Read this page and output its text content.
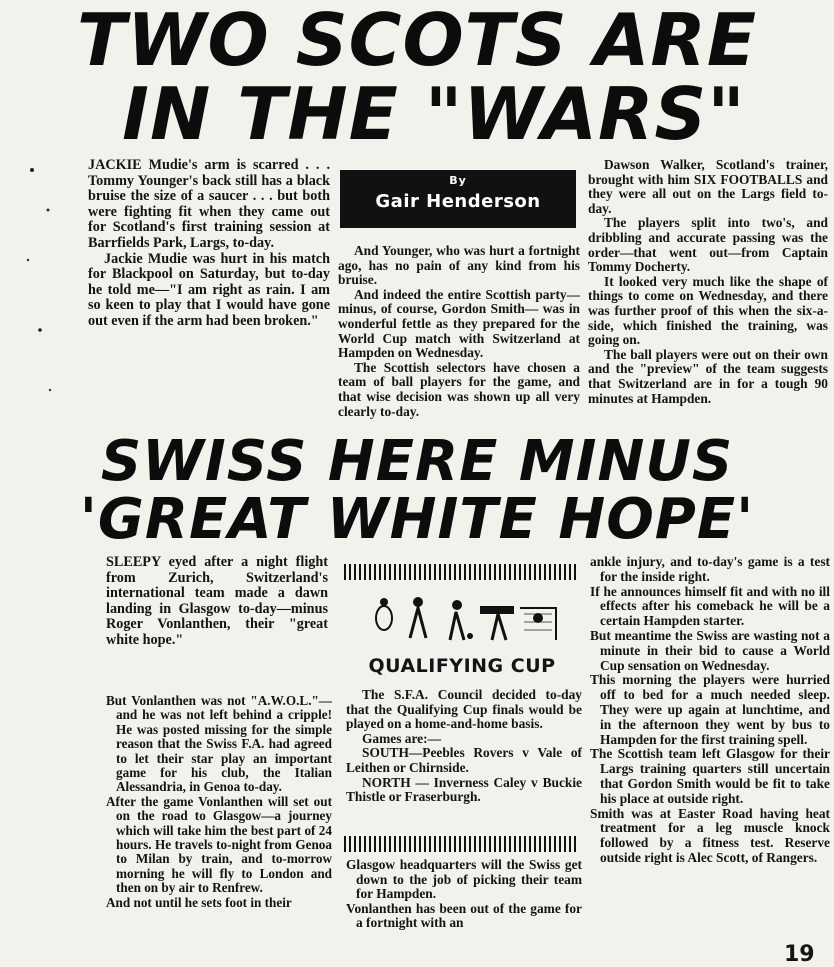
TWO SCOTS ARE
IN THE "WARS"

JACKIE Mudie's arm is scarred . . . Tommy Younger's back still has a black bruise the size of a saucer . . . but both were fighting fit when they came out for Scotland's first training session at Barrfields Park, Largs, to-day.

Jackie Mudie was hurt in his match for Blackpool on Saturday, but to-day he told me—"I am right as rain. I am so keen to play that I would have gone out even if the arm had been broken."

By
Gair Henderson

And Younger, who was hurt a fortnight ago, has no pain of any kind from his bruise.

And indeed the entire Scottish party—minus, of course, Gordon Smith— was in wonderful fettle as they prepared for the World Cup match with Switzerland at Hampden on Wednesday.

The Scottish selectors have chosen a team of ball players for the game, and that wise decision was shown up all very clearly to-day.

Dawson Walker, Scotland's trainer, brought with him SIX FOOTBALLS and they were all out on the Largs field to-day.

The players split into two's, and dribbling and accurate passing was the order—that went out—from Captain Tommy Docherty.

It looked very much like the shape of things to come on Wednesday, and there was further proof of this when the six-a-side, which finished the training, was going on.

The ball players were out on their own and the "preview" of the team suggests that Switzerland are in for a tough 90 minutes at Hampden.

SWISS HERE MINUS
'GREAT WHITE HOPE'

SLEEPY eyed after a night flight from Zurich, Switzerland's international team made a dawn landing in Glasgow to-day—minus Roger Vonlanthen, their "great white hope."

But Vonlanthen was not "A.W.O.L."—and he was not left behind a cripple! He was posted missing for the simple reason that the Swiss F.A. had agreed to let their star play an important game for his club, the Italian Alessandria, in Genoa to-day.

After the game Vonlanthen will set out on the road to Glasgow—a journey which will take him the best part of 24 hours. He travels to-night from Genoa to Milan by train, and to-morrow morning he will fly to London and then on by air to Renfrew.

And not until he sets foot in their

QUALIFYING CUP

The S.F.A. Council decided to-day that the Qualifying Cup finals would be played on a home-and-home basis.

Games are:—

SOUTH—Peebles Rovers v Vale of Leithen or Chirnside.

NORTH — Inverness Caley v Buckie Thistle or Fraserburgh.

Glasgow headquarters will the Swiss get down to the job of picking their team for Hampden.

Vonlanthen has been out of the game for a fortnight with an

ankle injury, and to-day's game is a test for the inside right.

If he announces himself fit and with no ill effects after his comeback he will be a certain Hampden starter.

But meantime the Swiss are wasting not a minute in their bid to cause a World Cup sensation on Wednesday.

This morning the players were hurried off to bed for a much needed sleep. They were up again at lunchtime, and in the afternoon they went by bus to Hampden for the first training spell.

The Scottish team left Glasgow for their Largs training quarters still uncertain that Gordon Smith would be fit to take his place at outside right.

Smith was at Easter Road having heat treatment for a leg muscle knock followed by a fitness test. Reserve outside right is Alec Scott, of Rangers.

19
